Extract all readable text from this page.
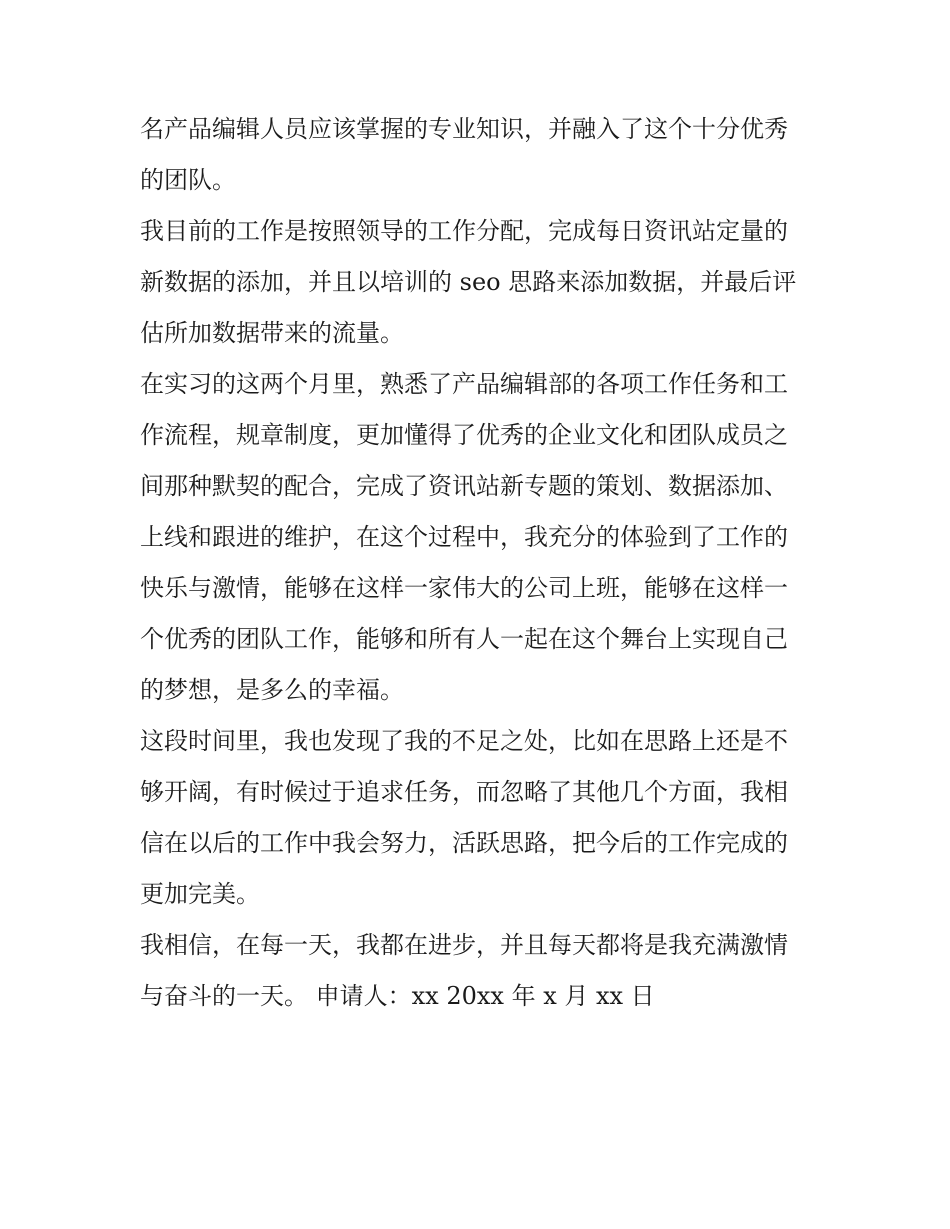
名产品编辑人员应该掌握的专业知识，并融入了这个十分优秀
的团队。
我目前的工作是按照领导的工作分配，完成每日资讯站定量的
新数据的添加，并且以培训的 seo 思路来添加数据，并最后评
估所加数据带来的流量。
在实习的这两个月里，熟悉了产品编辑部的各项工作任务和工
作流程，规章制度，更加懂得了优秀的企业文化和团队成员之
间那种默契的配合，完成了资讯站新专题的策划、数据添加、
上线和跟进的维护，在这个过程中，我充分的体验到了工作的
快乐与激情，能够在这样一家伟大的公司上班，能够在这样一
个优秀的团队工作，能够和所有人一起在这个舞台上实现自己
的梦想，是多么的幸福。
这段时间里，我也发现了我的不足之处，比如在思路上还是不
够开阔，有时候过于追求任务，而忽略了其他几个方面，我相
信在以后的工作中我会努力，活跃思路，把今后的工作完成的
更加完美。
我相信，在每一天，我都在进步，并且每天都将是我充满激情
与奋斗的一天。 申请人：xx 20xx 年 x 月 xx 日
